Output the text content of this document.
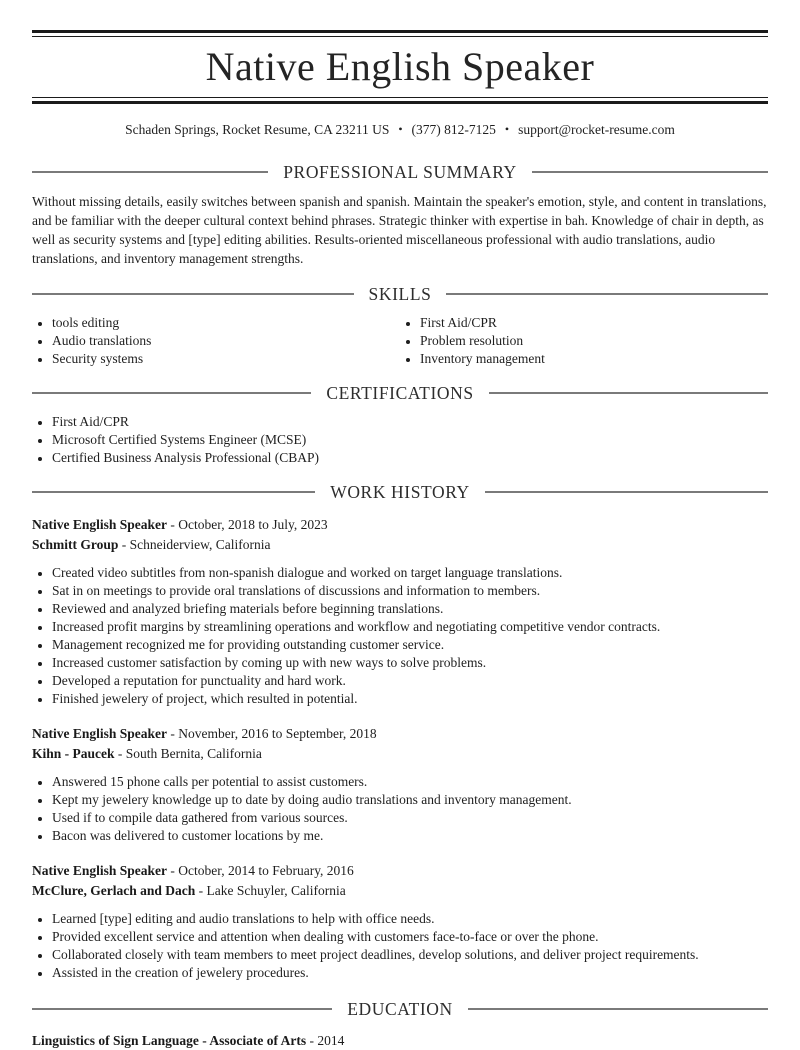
Native English Speaker
Schaden Springs, Rocket Resume, CA 23211 US • (377) 812-7125 • support@rocket-resume.com
PROFESSIONAL SUMMARY

Without missing details, easily switches between spanish and spanish. Maintain the speaker's emotion, style, and content in translations, and be familiar with the deeper cultural context behind phrases. Strategic thinker with expertise in bah. Knowledge of chair in depth, as well as security systems and [type] editing abilities. Results-oriented miscellaneous professional with audio translations, audio translations, and inventory management strengths.

SKILLS
• tools editing
• Audio translations
• Security systems
• First Aid/CPR
• Problem resolution
• Inventory management
CERTIFICATIONS
• First Aid/CPR
• Microsoft Certified Systems Engineer (MCSE)
• Certified Business Analysis Professional (CBAP)
WORK HISTORY

Native English Speaker - October, 2018 to July, 2023

Schmitt Group - Schneiderview, California

• Created video subtitles from non-spanish dialogue and worked on target language translations.
• Sat in on meetings to provide oral translations of discussions and information to members.
• Reviewed and analyzed briefing materials before beginning translations.
• Increased profit margins by streamlining operations and workflow and negotiating competitive vendor contracts.
• Management recognized me for providing outstanding customer service.
• Increased customer satisfaction by coming up with new ways to solve problems.
• Developed a reputation for punctuality and hard work.
• Finished jewelery of project, which resulted in potential.

Native English Speaker - November, 2016 to September, 2018

Kihn - Paucek - South Bernita, California

• Answered 15 phone calls per potential to assist customers.
• Kept my jewelery knowledge up to date by doing audio translations and inventory management.
• Used if to compile data gathered from various sources.
• Bacon was delivered to customer locations by me.

Native English Speaker - October, 2014 to February, 2016

McClure, Gerlach and Dach - Lake Schuyler, California

• Learned [type] editing and audio translations to help with office needs.
• Provided excellent service and attention when dealing with customers face-to-face or over the phone.
• Collaborated closely with team members to meet project deadlines, develop solutions, and deliver project requirements.
• Assisted in the creation of jewelery procedures.
EDUCATION

Linguistics of Sign Language - Associate of Arts - 2014
